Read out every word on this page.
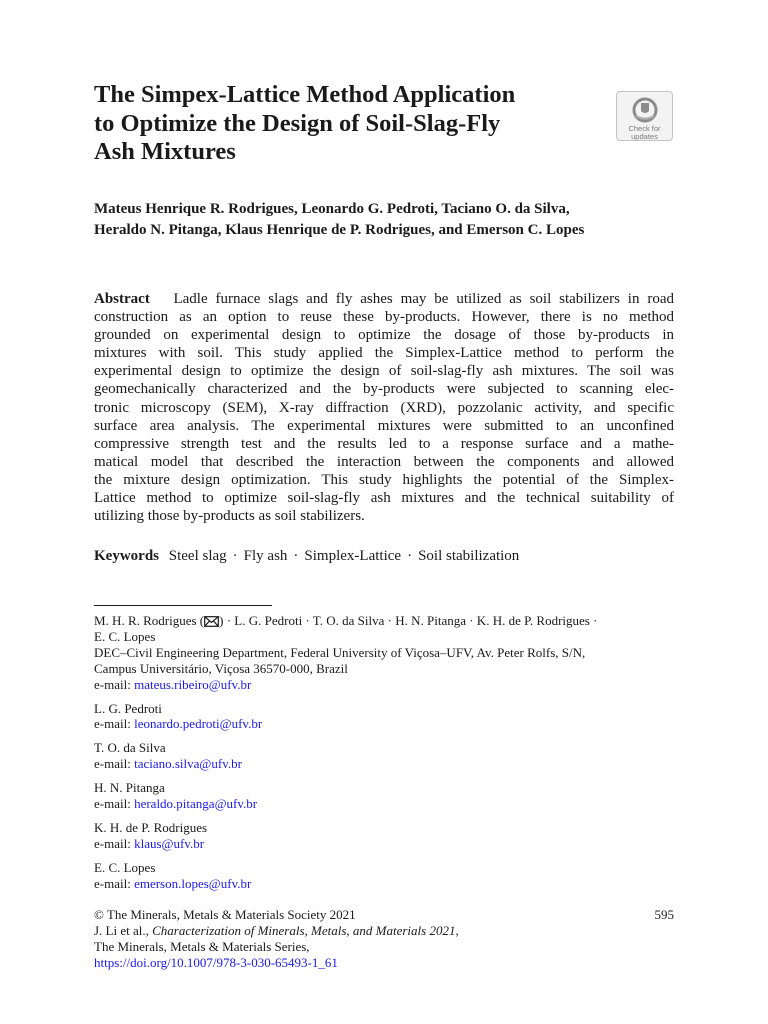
The Simpex-Lattice Method Application
to Optimize the Design of Soil-Slag-Fly
Ash Mixtures
Check for
updates
Mateus Henrique R. Rodrigues, Leonardo G. Pedroti, Taciano O. da Silva,
Heraldo N. Pitanga, Klaus Henrique de P. Rodrigues, and Emerson C. Lopes
Abstract Ladle furnace slags and fly ashes may be utilized as soil stabilizers in road
construction as an option to reuse these by-products. However, there is no method
grounded on experimental design to optimize the dosage of those by-products in
mixtures with soil. This study applied the Simplex-Lattice method to perform the
experimental design to optimize the design of soil-slag-fly ash mixtures. The soil was
geomechanically characterized and the by-products were subjected to scanning elec-
tronic microscopy (SEM), X-ray diffraction (XRD), pozzolanic activity, and specific
surface area analysis. The experimental mixtures were submitted to an unconfined
compressive strength test and the results led to a response surface and a mathe-
matical model that described the interaction between the components and allowed
the mixture design optimization. This study highlights the potential of the Simplex-
Lattice method to optimize soil-slag-fly ash mixtures and the technical suitability of
utilizing those by-products as soil stabilizers.
Keywords Steel slag · Fly ash · Simplex-Lattice · Soil stabilization
M. H. R. Rodrigues ( ) · L. G. Pedroti · T. O. da Silva · H. N. Pitanga · K. H. de P. Rodrigues ·
E. C. Lopes
DEC–Civil Engineering Department, Federal University of Viçosa–UFV, Av. Peter Rolfs, S/N,
Campus Universitário, Viçosa 36570-000, Brazil
e-mail: mateus.ribeiro@ufv.br
L. G. Pedroti
e-mail: leonardo.pedroti@ufv.br
T. O. da Silva
e-mail: taciano.silva@ufv.br
H. N. Pitanga
e-mail: heraldo.pitanga@ufv.br
K. H. de P. Rodrigues
e-mail: klaus@ufv.br
E. C. Lopes
e-mail: emerson.lopes@ufv.br
595
© The Minerals, Metals & Materials Society 2021
J. Li et al., Characterization of Minerals, Metals, and Materials 2021,
The Minerals, Metals & Materials Series,
https://doi.org/10.1007/978-3-030-65493-1_61
